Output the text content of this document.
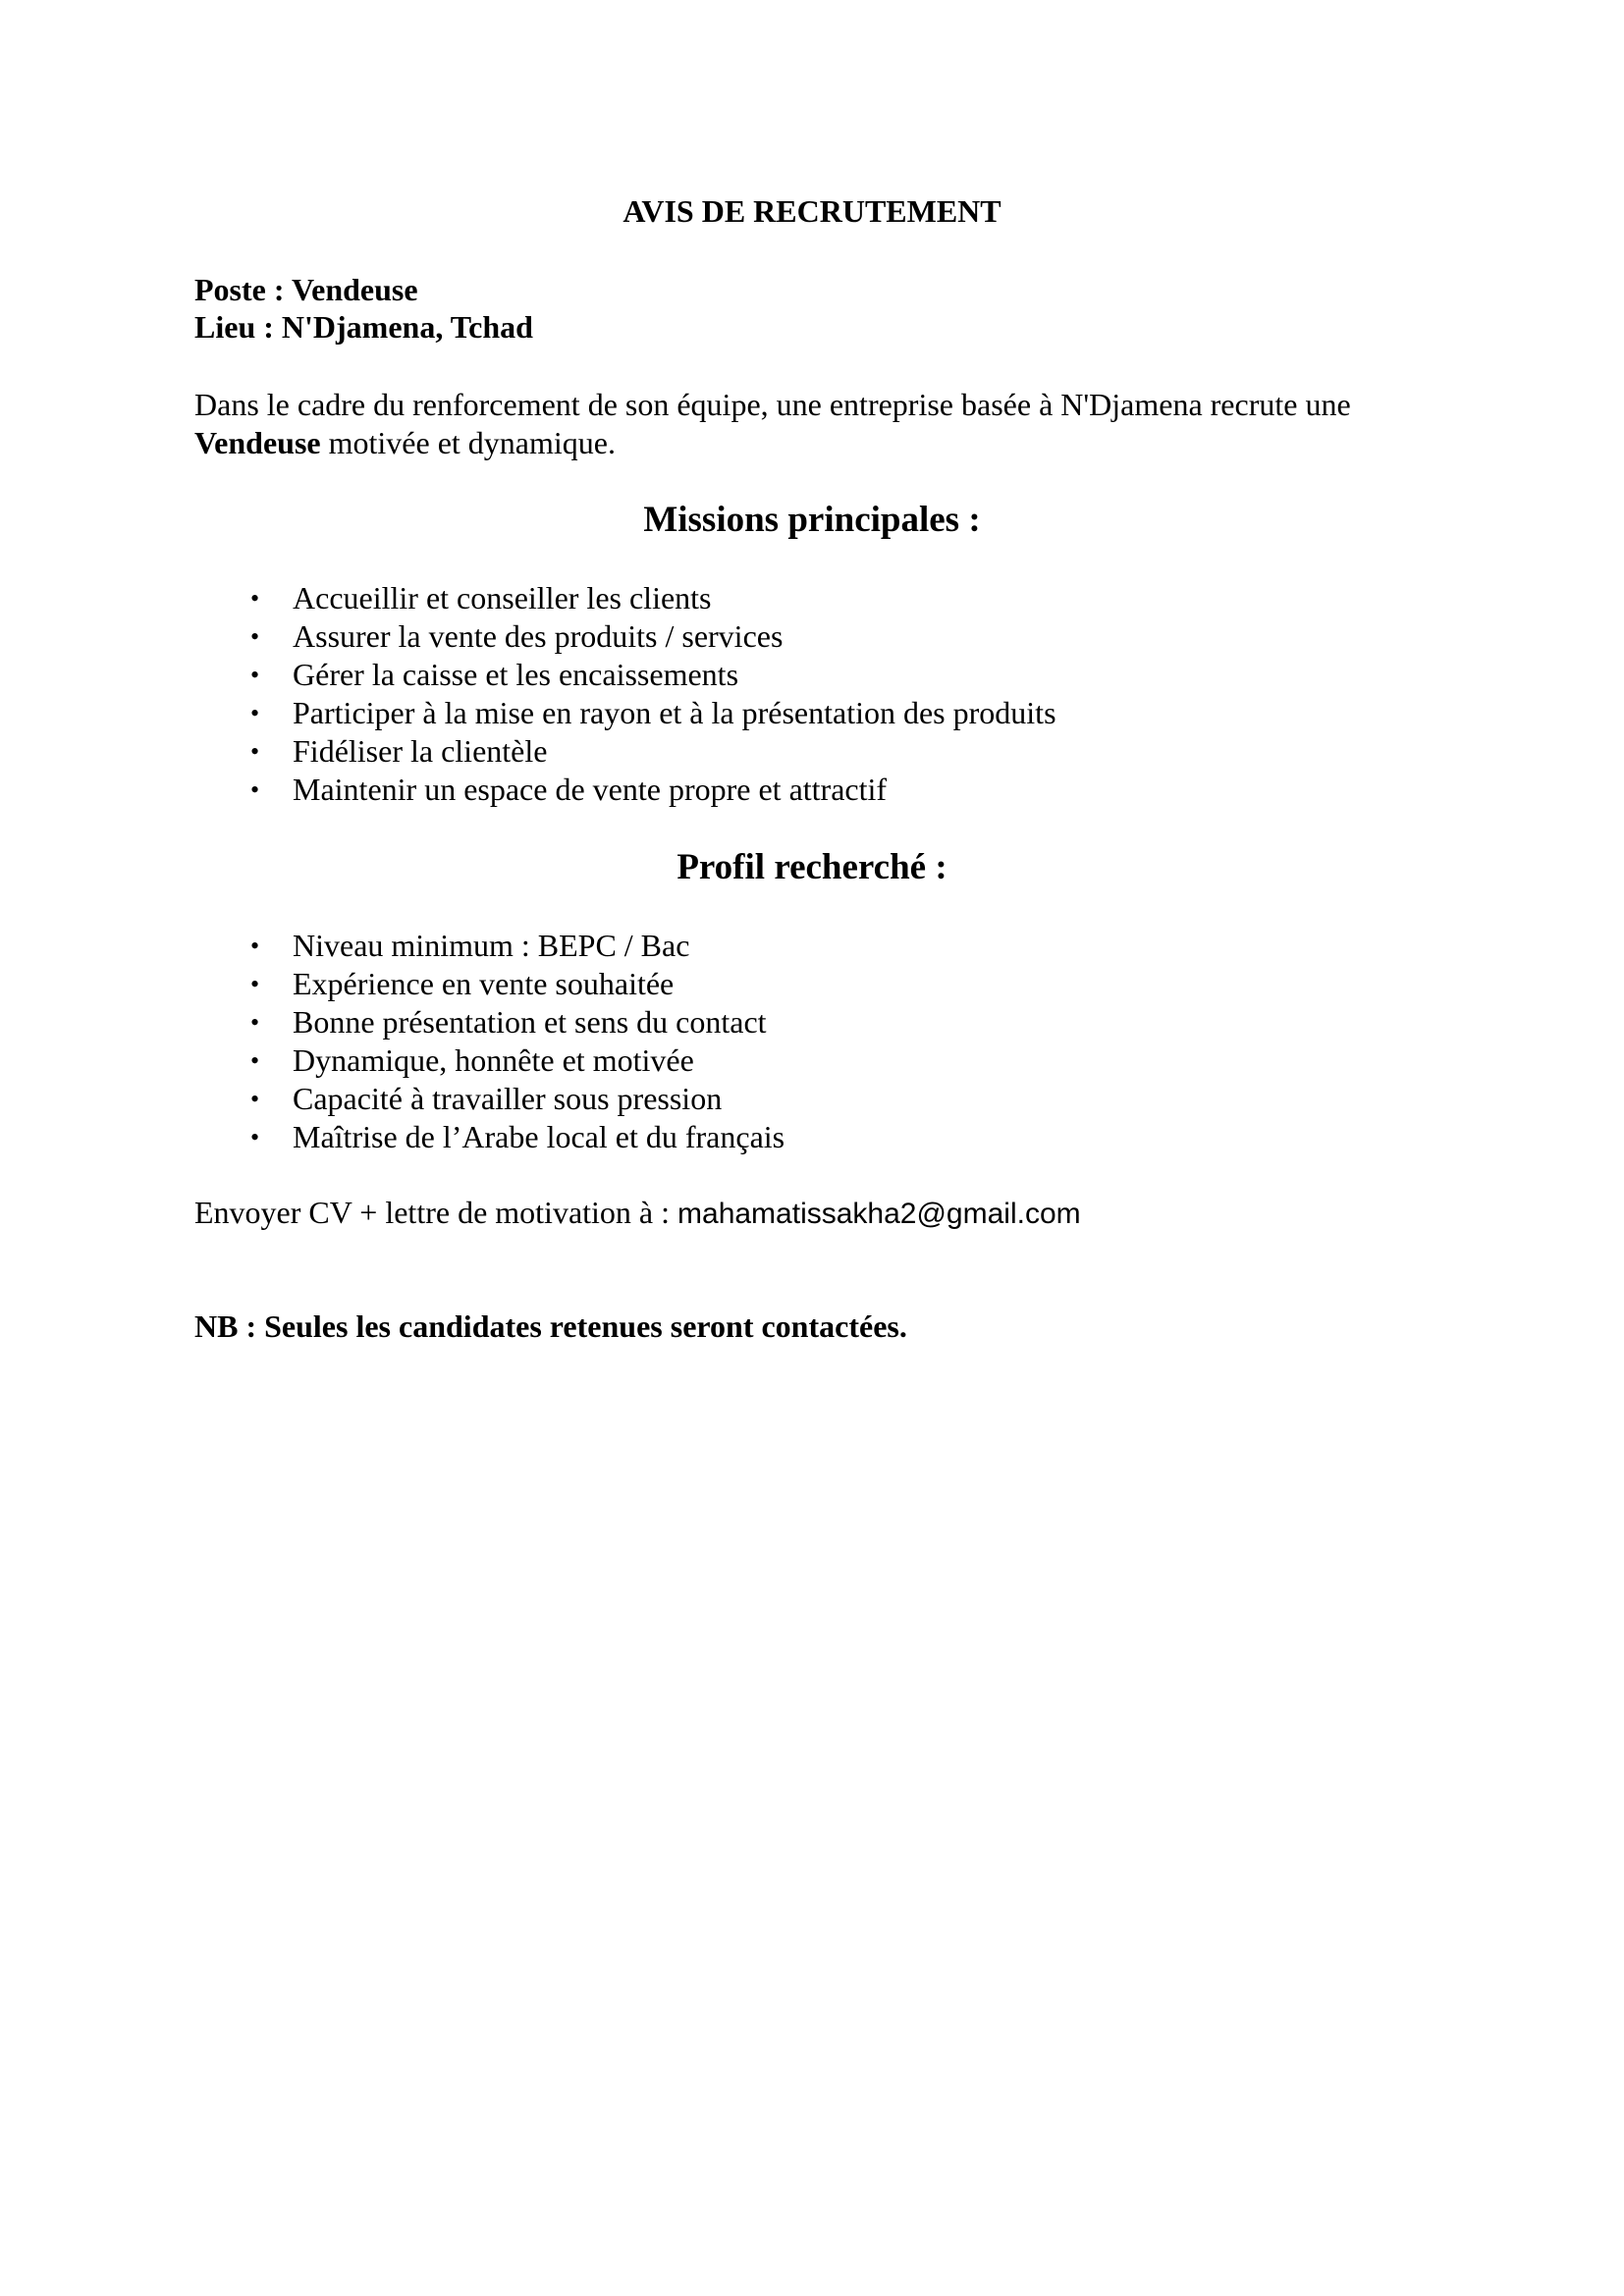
AVIS DE RECRUTEMENT
Poste : Vendeuse
Lieu : N'Djamena, Tchad
Dans le cadre du renforcement de son équipe, une entreprise basée à N'Djamena recrute une
Vendeuse motivée et dynamique.
Missions principales :
• Accueillir et conseiller les clients
• Assurer la vente des produits / services
• Gérer la caisse et les encaissements
• Participer à la mise en rayon et à la présentation des produits
• Fidéliser la clientèle
• Maintenir un espace de vente propre et attractif
Profil recherché :
• Niveau minimum : BEPC / Bac
• Expérience en vente souhaitée
• Bonne présentation et sens du contact
• Dynamique, honnête et motivée
• Capacité à travailler sous pression
• Maîtrise de l’Arabe local et du français
Envoyer CV + lettre de motivation à : mahamatissakha2@gmail.com
NB : Seules les candidates retenues seront contactées.
